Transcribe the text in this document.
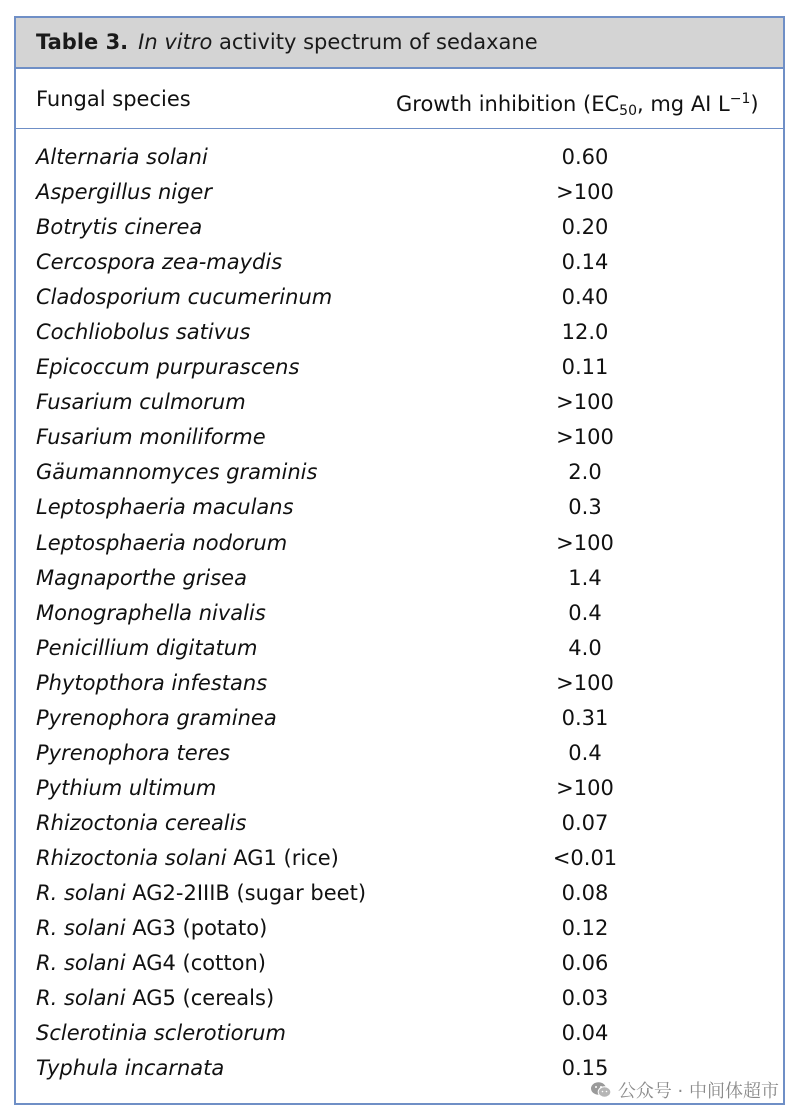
Table 3. In vitro activity spectrum of sedaxane
Fungal species	Growth inhibition ($EC_{50}$, mg AI $L^{-1}$)
Alternaria solani	0.60
Aspergillus niger	>100
Botrytis cinerea	0.20
Cercospora zea-maydis	0.14
Cladosporium cucumerinum	0.40
Cochliobolus sativus	12.0
Epicoccum purpurascens	0.11
Fusarium culmorum	>100
Fusarium moniliforme	>100
Gäumannomyces graminis	2.0
Leptosphaeria maculans	0.3
Leptosphaeria nodorum	>100
Magnaporthe grisea	1.4
Monographella nivalis	0.4
Penicillium digitatum	4.0
Phytopthora infestans	>100
Pyrenophora graminea	0.31
Pyrenophora teres	0.4
Pythium ultimum	>100
Rhizoctonia cerealis	0.07
Rhizoctonia solani AG1 (rice)	<0.01
R. solani AG2-2IIIB (sugar beet)	0.08
R. solani AG3 (potato)	0.12
R. solani AG4 (cotton)	0.06
R. solani AG5 (cereals)	0.03
Sclerotinia sclerotiorum	0.04
Typhula incarnata	0.15
公众号 · 中间体超市
